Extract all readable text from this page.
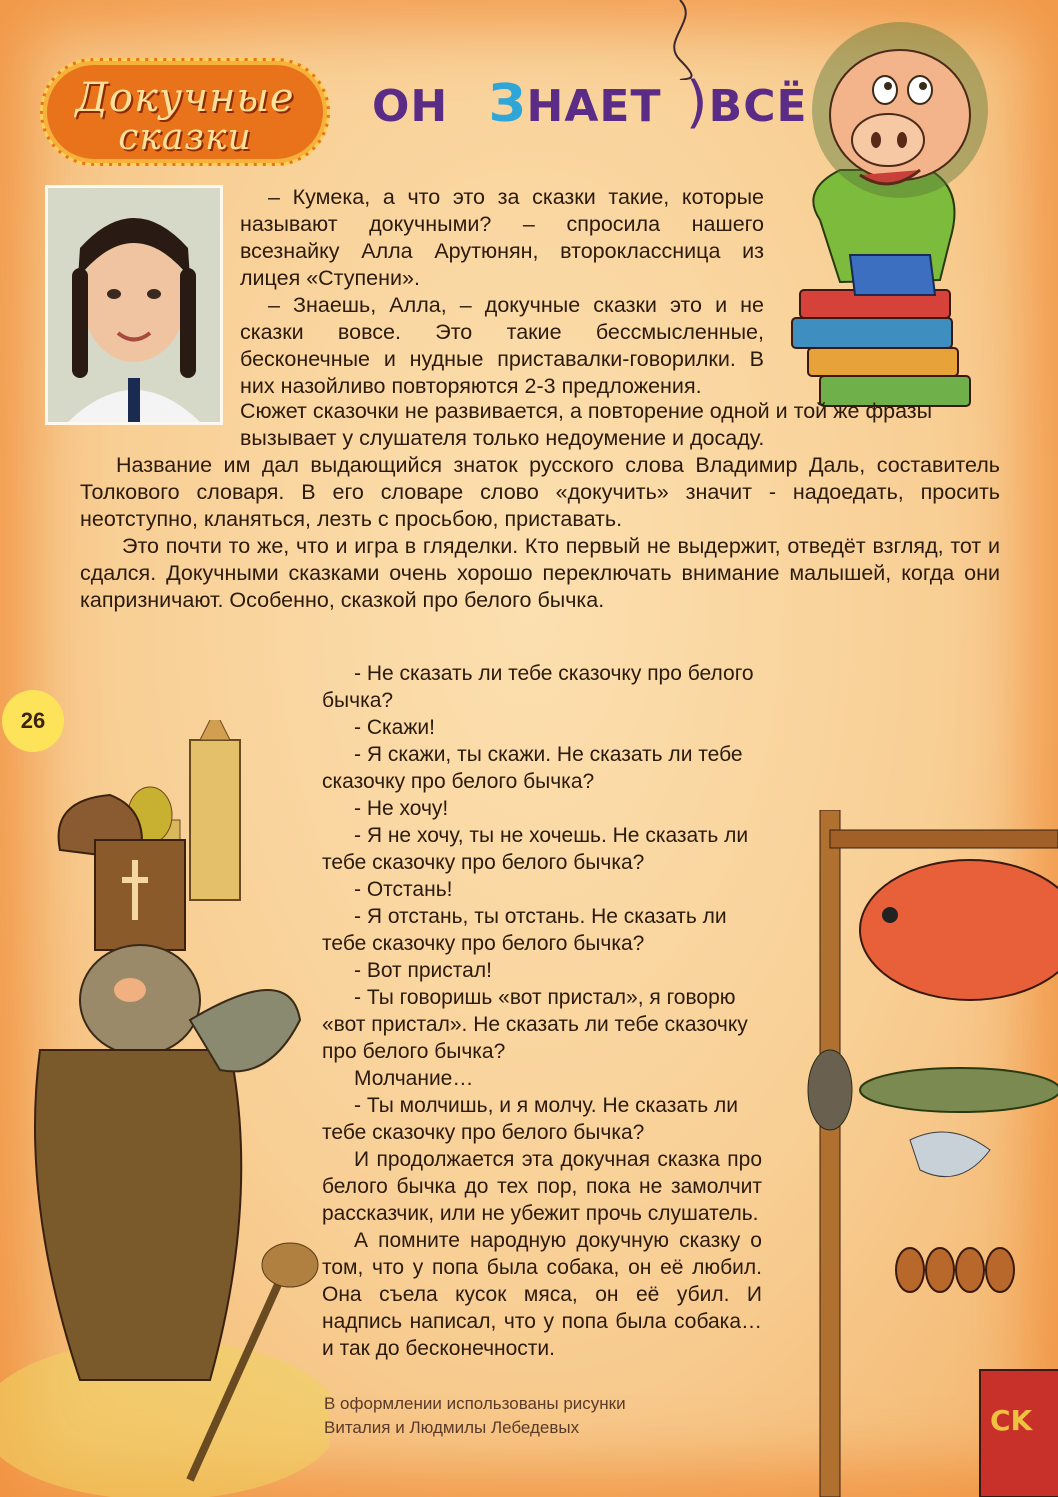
Докучные
сказки
ОН ЗНАЕТ )ВСЁ

– Кумека, а что это за сказки такие, которые называют докучными? – спросила нашего всезнайку Алла Арутюнян, второклассница из лицея «Ступени».

– Знаешь, Алла, – докучные сказки это и не сказки вовсе. Это такие бессмысленные, бесконечные и нудные приставалки-говорилки. В них назойливо повторяются 2-3 предложения.

Сюжет сказочки не развивается, а повторение одной и той же фразы вызывает у слушателя только недоумение и досаду.

Название им дал выдающийся знаток русского слова Владимир Даль, составитель Толкового словаря. В его словаре слово «докучить» значит - надоедать, просить неотступно, кланяться, лезть с просьбою, приставать.

Это почти то же, что и игра в гляделки. Кто первый не выдержит, отведёт взгляд, тот и сдался. Докучными сказками очень хорошо переключать внимание малышей, когда они капризничают. Особенно, сказкой про белого бычка.

26
CK

- Не сказать ли тебе сказочку про белого бычка?

- Скажи!

- Я скажи, ты скажи. Не сказать ли тебе сказочку про белого бычка?

- Не хочу!

- Я не хочу, ты не хочешь. Не сказать ли тебе сказочку про белого бычка?

- Отстань!

- Я отстань, ты отстань. Не сказать ли тебе сказочку про белого бычка?

- Вот пристал!

- Ты говоришь «вот пристал», я говорю «вот пристал». Не сказать ли тебе сказочку про белого бычка?

Молчание…

- Ты молчишь, и я молчу. Не сказать ли тебе сказочку про белого бычка?

И продолжается эта докучная сказка про белого бычка до тех пор, пока не замолчит рассказчик, или не убежит прочь слушатель.

А помните народную докучную сказку о том, что у попа была собака, он её любил. Она съела кусок мяса, он её убил. И надпись написал, что у попа была собака… и так до бесконечности.

В оформлении использованы рисунки
Виталия и Людмилы Лебедевых
